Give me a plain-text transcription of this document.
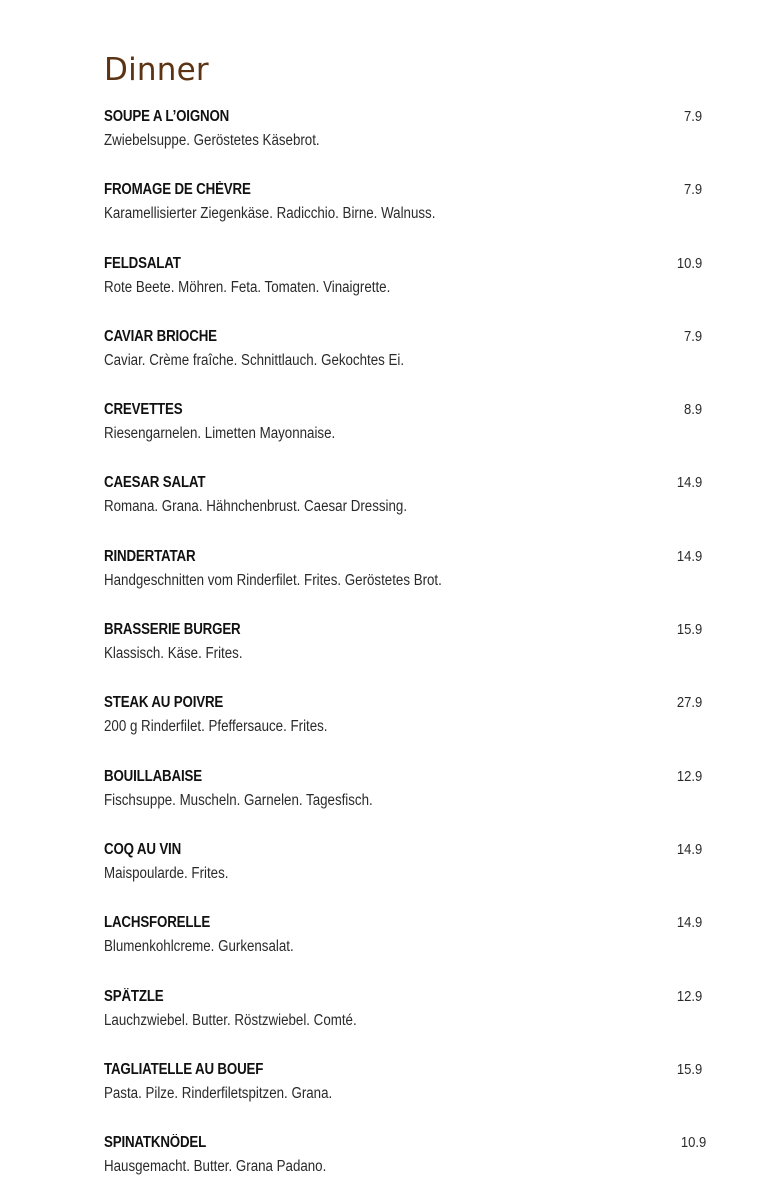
Dinner
SOUPE A L’OIGNON
Zwiebelsuppe. Geröstetes Käsebrot.
7.9
FROMAGE DE CHÈVRE
Karamellisierter Ziegenkäse. Radicchio. Birne. Walnuss.
7.9
FELDSALAT
Rote Beete. Möhren. Feta. Tomaten. Vinaigrette.
10.9
CAVIAR BRIOCHE
Caviar. Crème fraîche. Schnittlauch. Gekochtes Ei.
7.9
CREVETTES
Riesengarnelen. Limetten Mayonnaise.
8.9
CAESAR SALAT
Romana. Grana. Hähnchenbrust. Caesar Dressing.
14.9
RINDERTATAR
Handgeschnitten vom Rinderfilet. Frites. Geröstetes Brot.
14.9
BRASSERIE BURGER
Klassisch. Käse. Frites.
15.9
STEAK AU POIVRE
200 g Rinderfilet. Pfeffersauce. Frites.
27.9
BOUILLABAISE
Fischsuppe. Muscheln. Garnelen. Tagesfisch.
12.9
COQ AU VIN
Maispoularde. Frites.
14.9
LACHSFORELLE
Blumenkohlcreme. Gurkensalat.
14.9
SPÄTZLE
Lauchzwiebel. Butter. Röstzwiebel. Comté.
12.9
TAGLIATELLE AU BOUEF
Pasta. Pilze. Rinderfiletspitzen. Grana.
15.9
SPINATKNÖDEL
Hausgemacht. Butter. Grana Padano.
10.9
